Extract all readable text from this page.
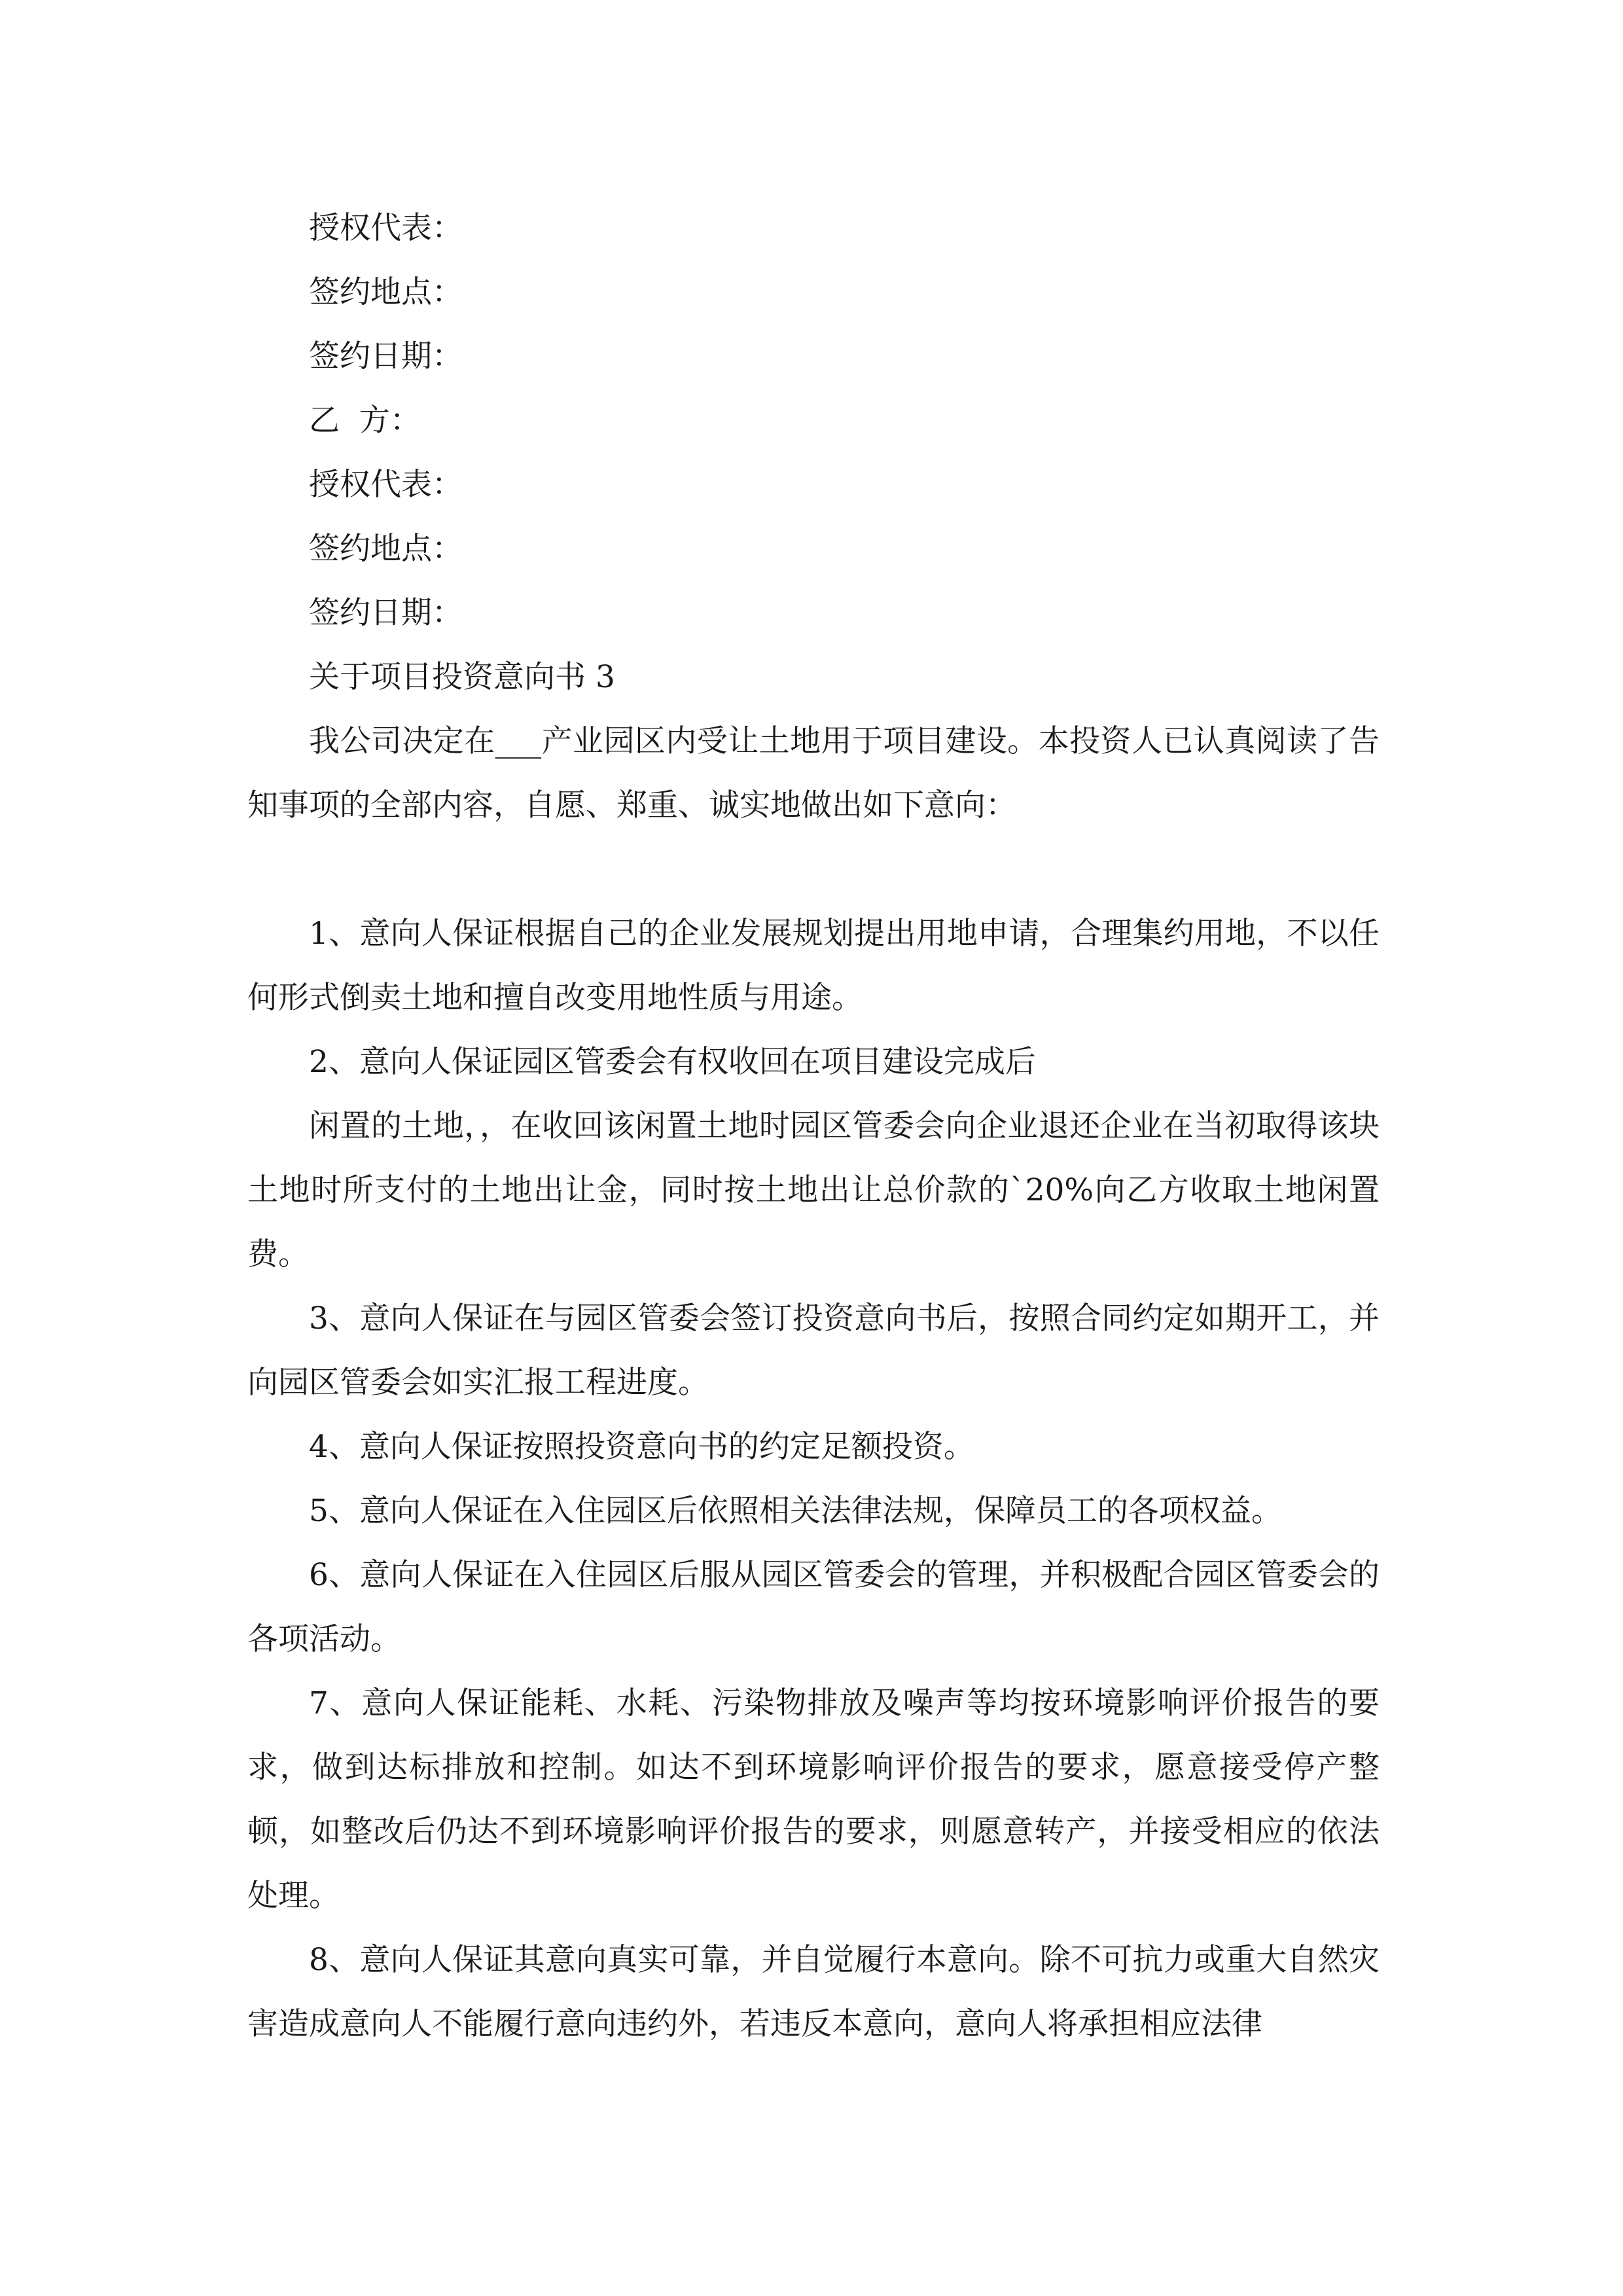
授权代表：

签约地点：

签约日期：

乙  方：

授权代表：

签约地点：

签约日期：

关于项目投资意向书 3

我公司决定在___产业园区内受让土地用于项目建设。本投资人已认真阅读了告知事项的全部内容，自愿、郑重、诚实地做出如下意向：

1、意向人保证根据自己的企业发展规划提出用地申请，合理集约用地，不以任何形式倒卖土地和擅自改变用地性质与用途。

2、意向人保证园区管委会有权收回在项目建设完成后

闲置的土地，，在收回该闲置土地时园区管委会向企业退还企业在当初取得该块土地时所支付的土地出让金，同时按土地出让总价款的`20%向乙方收取土地闲置费。

3、意向人保证在与园区管委会签订投资意向书后，按照合同约定如期开工，并向园区管委会如实汇报工程进度。

4、意向人保证按照投资意向书的约定足额投资。

5、意向人保证在入住园区后依照相关法律法规，保障员工的各项权益。

6、意向人保证在入住园区后服从园区管委会的管理，并积极配合园区管委会的各项活动。

7、意向人保证能耗、水耗、污染物排放及噪声等均按环境影响评价报告的要求，做到达标排放和控制。如达不到环境影响评价报告的要求，愿意接受停产整顿，如整改后仍达不到环境影响评价报告的要求，则愿意转产，并接受相应的依法处理。

8、意向人保证其意向真实可靠，并自觉履行本意向。除不可抗力或重大自然灾害造成意向人不能履行意向违约外，若违反本意向，意向人将承担相应法律
